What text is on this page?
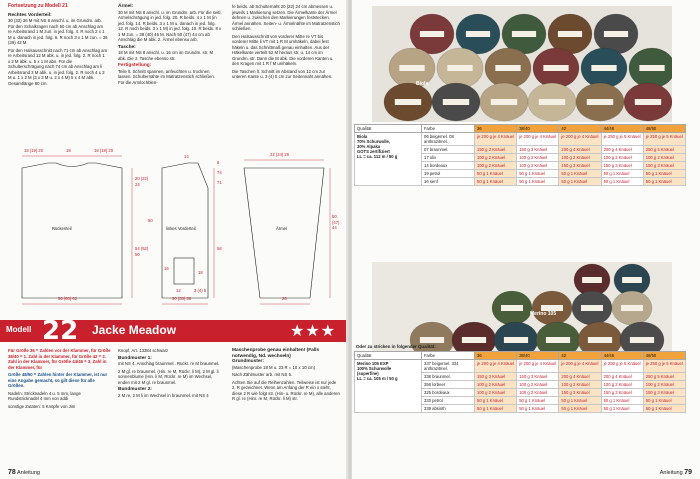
Fortsetzung zu Modell 21
Rechtes Vorderteil:

30 (33) 36 M mit NS 8 anschl. u. im Grundm. arb. Für den Schalkragen nach 50 cm ab Anschlag am re Arbeitsrand 1 M zun. in jed. folg. 4. R noch 2 x 1 M u. danach in jed. folg. 6. R noch 3 x 1 M zun. = 36 (39) 42 M.

Für den Halsausschnitt nach 71 cm ab Anschlag am re Arbeitsrand 12 M abk. u. in jed. folg. 2. R noch 1 x 2 M abk. u. 5 x 1 M abn. Für die Schulterschrägung nach 74 cm ab Anschlag am li Arbeitsrand 3 M abk. u. in jed. folg. 2. R noch 4 x 3 M u. 1 x 2 M (3 x 3 M u. 2 x 4 M) 5 x 4 M abk. Gesamtlänge 80 cm.

Ärmel:

30 M mit NS 8 anschl. u. im Grundm. arb. Für die seitl. Armelschrägung in jed. folg. 20. R beids. 4 x 1 M (in jed. folg. 14. R beids. 3 x 1 M u. danach in jed. folg. 12. R noch beids. 3 x 1 M) in jed. folg. 10. R beids. 8 x 1 M zun. = 38 (40) 46 M. Nach 50 (47) 44 cm ab Anschlag die M abk. 2. Ärmel ebenso arb.

Tasche:

18 M mit NS 8 anschl. u. 16 cm im Grundm. str. M abk. Die 2. Tasche ebenso str.

Fertigstellung:

Teile lt. Schnitt spannen, anfeuchten u. trocknen lassen. Schulternähte im Matratzenstich schließen. Für die Armlochblen-

fe beids. ab Schulternaht 20 (22) 24 cm abmessen u. jeweils 1 Markierung setzen. Die Ärmelkante der Ärmel dehnen u. zwischen den Markierungen feststecken. Ärmel annähen. Seiten- u. Ärmelnähte im Matratzenstich schließen.

Den Halsausschnitt von vorderer Mitte re VT bis vorderer Mitte li VT mit 1 R M umhäkeln, dabei fest häkeln u. das Schnittmaß genau einhalten. Aus der Häkelkante verteilt 52 M heraus str. u. 14 cm im Grundm. str. Dann die M abk. Die vorderen Kanten u. den Kragen mit 1 R f M umhäkeln.

Die Taschen lt. Schnitt im Abstand von 12 cm zur unteren Kante u. 3 (4) 5 cm zur Seitennaht annähen.

Rückenteil	linkes Vorderteil	Ärmel
18 (19) 20	18	18 (19) 20
22 (24) 26
14
20 (22) 24
54 (52) 50
80
74
71
6
50 (47) 44
56
18
16
56 (60) 62	30 (33) 36
12
26
3 (4) 5
Modell 22 Jacke Meadow	★★★

Für Größe 36 = Zahlen vor der Klammer, für Größe 38/40 = 1. Zahl in der Klammer, für Größe 42 = 2. Zahl in der Klammer, für Größe 44/46 = 3. Zahl in der Klammer, für

Größe 48/50 = Zahlen hinter der Klammer, ist nur eine Angabe gemacht, so gilt diese für alle Größen.

Nadeln: Stricknadeln 4 u. 5 mm, lange Rundstricknadel 4 mm von addi

sonstige Zutaten: 5 Knöpfe von Jim

Knopf, Art. 13384 schwarz

Bundmuster 1:

mit NS 4. Anschlag braunmel.. Rückr. re M braunmel.

2 M gl. re braunmel. (Hin. re M, Rückr. li M), 2 M gl. li sonnenblume (Hin. li M, Rückr. re M) im Wechsel, enden mit 2 M gl. re braunmel.

Bundmuster 2:

2 M re, 2 M li im Wechsel in braunmel. mit NS 4

Maschenprobe genau einhalten! (Falls notwendig, Nd. wechseln)
Grundmuster:

(Maschenprobe 18 M u. 23 R = 10 x 10 cm)

Nach Zählmuster arb. mit NS 5.

Achten Sie auf die Reihenzahlen. Teilweise ist nur jede 2. R gezeichnet. Wenn am Anfang der R ein x steht, diese 2 R wie folgt str. (Hin- u. Rückr. re M), alle anderen R gl. re (Hinr. re M, Rückr. li M) str.

78 Anleitung
Biola
Qualität	Farbe	36	38/40	42	44/46	48/50

Biola
70% Schurwolle,
30% Alpaka
GOTS zertifiziert
LL = ca. 112 m / 50 g	06 beigemel. 08 anthrazitmel.	je 200 g je 4 Knäuel	je 200 g je 4 Knäuel	je 200 g je 4 Knäuel	je 250 g je 5 Knäuel	je 250 g je 5 Knäuel
	07 braunmel.	150 g 3 Knäuel	150 g 3 Knäuel	200 g 4 Knäuel	200 g 4 Knäuel	250 g 5 Knäuel
	17 oliv	100 g 2 Knäuel	100 g 2 Knäuel	100 g 2 Knäuel	100 g 2 Knäuel	100 g 2 Knäuel
	14 bordeaux	100 g 2 Knäuel	100 g 2 Knäuel	150 g 3 Knäuel	150 g 3 Knäuel	150 g 3 Knäuel
	19 petrol	50 g 1 Knäuel	50 g 1 Knäuel	50 g 1 Knäuel	50 g 1 Knäuel	50 g 1 Knäuel
	16 senf	50 g 1 Knäuel	50 g 1 Knäuel	50 g 1 Knäuel	50 g 1 Knäuel	50 g 1 Knäuel
Merino 105
Oder zu stricken in folgender Qualität:
Qualität	Farbe	36	38/40	42	44/46	48/50

Merino 105 EXP
100% Schurwolle
(superfine)
LL = ca. 105 m / 50 g	337 beigemel. 334 anthrazitmel.	je 200 g je 4 Knäuel	je 200 g je 4 Knäuel	je 200 g je 4 Knäuel	je 250 g je 5 Knäuel	je 250 g je 5 Knäuel
	338 braunmel.	150 g 3 Knäuel	150 g 3 Knäuel	200 g 4 Knäuel	200 g 4 Knäuel	250 g 5 Knäuel
	356 lorbeer	100 g 2 Knäuel	100 g 2 Knäuel	100 g 2 Knäuel	100 g 2 Knäuel	100 g 2 Knäuel
	325 bordeaux	100 g 2 Knäuel	100 g 2 Knäuel	150 g 3 Knäuel	150 g 3 Knäuel	150 g 3 Knäuel
	333 petrol	50 g 1 Knäuel	50 g 1 Knäuel	50 g 1 Knäuel	50 g 1 Knäuel	50 g 1 Knäuel
	339 absinth	50 g 1 Knäuel	50 g 1 Knäuel	50 g 1 Knäuel	50 g 1 Knäuel	50 g 1 Knäuel
Anleitung 79
